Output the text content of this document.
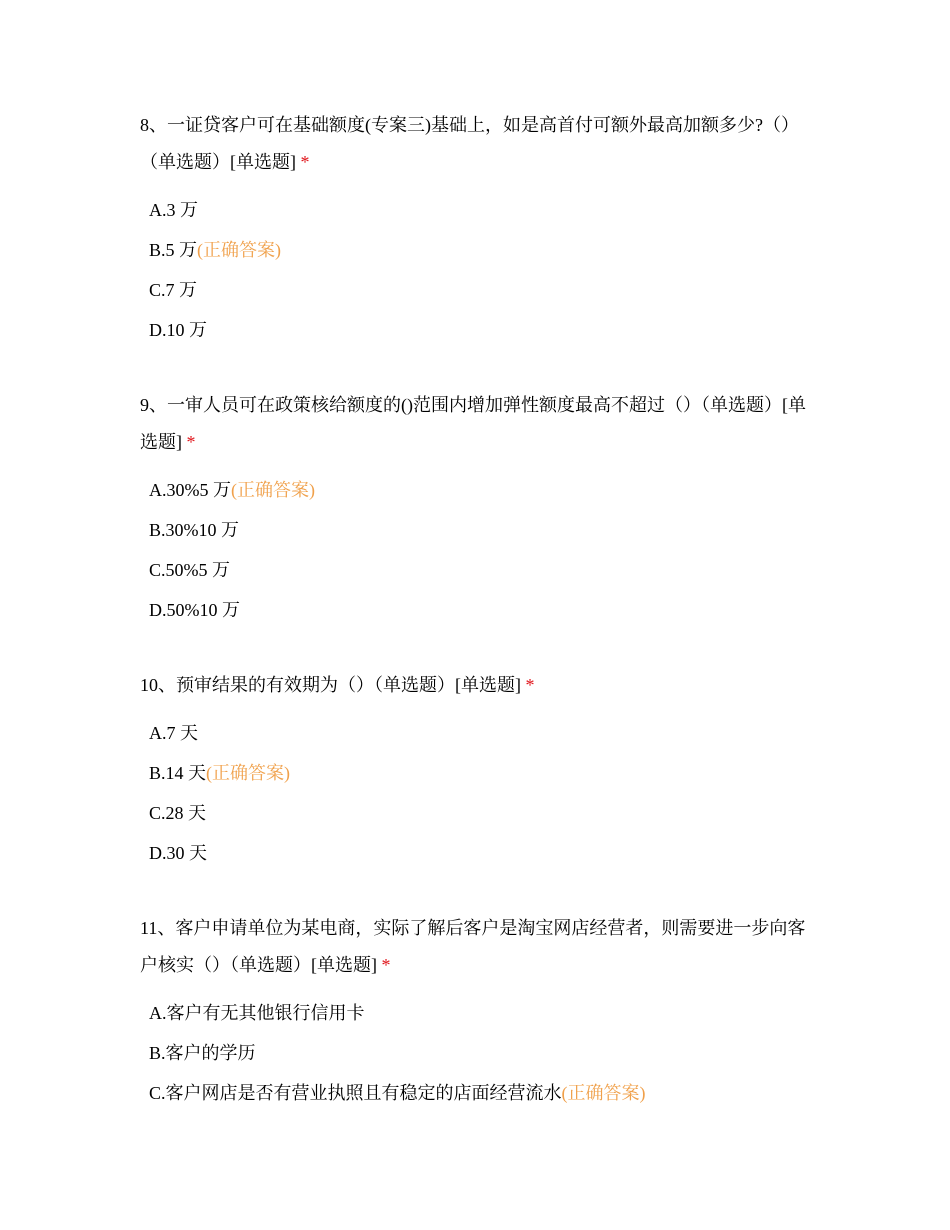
8、一证贷客户可在基础额度(专案三)基础上，如是高首付可额外最高加额多少?（）（单选题）[单选题] *

A.3 万
B.5 万(正确答案)
C.7 万
D.10 万

9、一审人员可在政策核给额度的()范围内增加弹性额度最高不超过（）（单选题）[单选题] *

A.30%5 万(正确答案)
B.30%10 万
C.50%5 万
D.50%10 万

10、预审结果的有效期为（）（单选题）[单选题] *

A.7 天
B.14 天(正确答案)
C.28 天
D.30 天

11、客户申请单位为某电商，实际了解后客户是淘宝网店经营者，则需要进一步向客户核实（）（单选题）[单选题] *

A.客户有无其他银行信用卡
B.客户的学历
C.客户网店是否有营业执照且有稳定的店面经营流水(正确答案)
